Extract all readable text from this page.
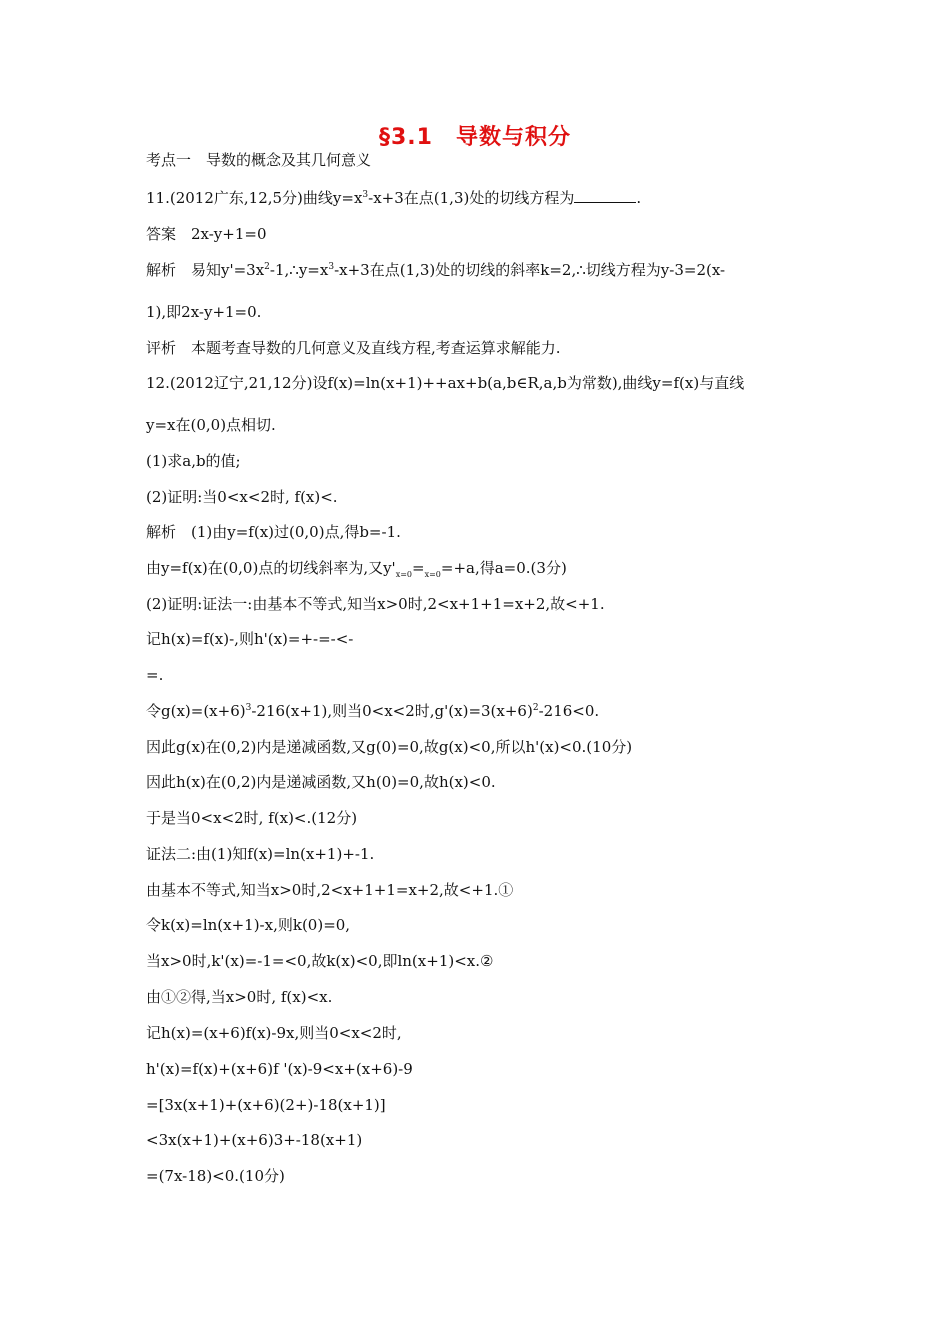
§3.1　导数与积分
考点一　导数的概念及其几何意义
11.(2012广东,12,5分)曲线$y=x^3-x+3$在点(1,3)处的切线方程为	.
答案　2x-y+1=0
解析　易知$y'=3x^2-1,\therefore y=x^3-x+3$在点(1,3)处的切线的斜率k=2,∴切线方程为y-3=2(x-
1),即2x-y+1=0.
评析　本题考查导数的几何意义及直线方程,考查运算求解能力.
12.(2012辽宁,21,12分)设f(x)=ln(x+1)++ax+b(a,b∈R,a,b为常数),曲线y=f(x)与直线
y=x在(0,0)点相切.
(1)求a,b的值;
(2)证明:当0<x<2时, f(x)<.
解析　(1)由y=f(x)过(0,0)点,得b=-1.
由y=f(x)在(0,0)点的切线斜率为,又$y'_{x=0}=_{x=0}=+a$,得a=0.(3分)
(2)证明:证法一:由基本不等式,知当x>0时,2<x+1+1=x+2,故<+1.
记h(x)=f(x)-,则h'(x)=+-=-<-
=.
令$g(x)=(x+6)^3-216(x+1)$,则当0<x<2时$,g'(x)=3(x+6)^2-216<0$.
因此g(x)在(0,2)内是递减函数,又g(0)=0,故g(x)<0,所以h'(x)<0.(10分)
因此h(x)在(0,2)内是递减函数,又h(0)=0,故h(x)<0.
于是当0<x<2时, f(x)<.(12分)
证法二:由(1)知f(x)=ln(x+1)+-1.
由基本不等式,知当x>0时,2<x+1+1=x+2,故<+1.①
令k(x)=ln(x+1)-x,则k(0)=0,
当x>0时,k'(x)=-1=<0,故k(x)<0,即ln(x+1)<x.②
由①②得,当x>0时, f(x)<x.
记h(x)=(x+6)f(x)-9x,则当0<x<2时,
h'(x)=f(x)+(x+6)f '(x)-9<x+(x+6)-9
=[3x(x+1)+(x+6)(2+)-18(x+1)]
<3x(x+1)+(x+6)3+-18(x+1)
=(7x-18)<0.(10分)
